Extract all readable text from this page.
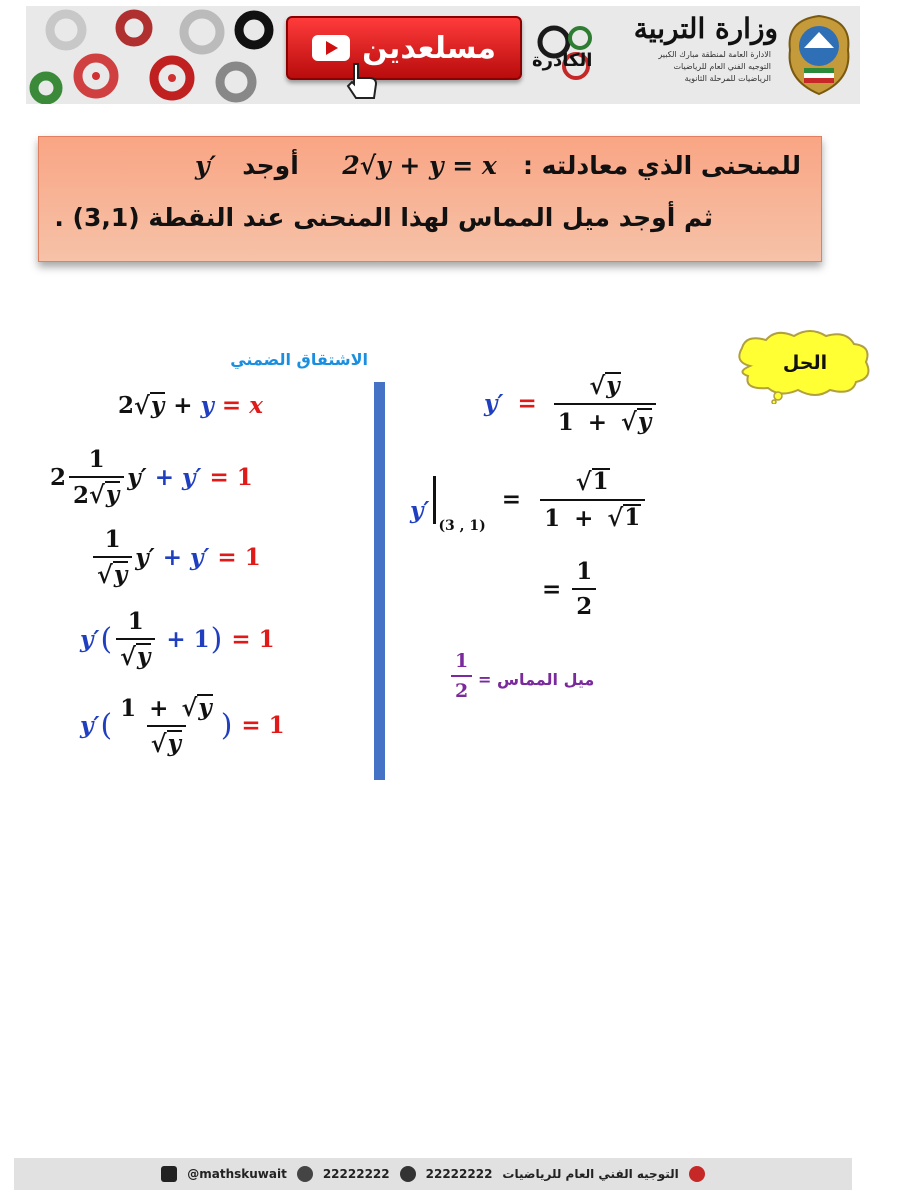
مسلعدين الكادرة
وزارة التربية
الادارة العامة لمنطقة مبارك الكبير
التوجيه الفني العام للرياضيات
الرياضيات للمرحلة الثانوية
للمنحنى الذي معادلته :   2√y + y = x     أوجد   y′
ثم أوجد ميل المماس لهذا المنحنى عند النقطة (3,1) .
الحل
الاشتقاق الضمني
2 √ y + y = x
$2 \frac{1}{2 √ y} y' + y' = 1$
$\frac{1}{√ y} y' + y' = 1$
y′ ( $\frac{1}{√ y} + 1$ ) = 1
y′ ( $\frac{1 + √ y}{√ y}$ ) = 1
$y' = \frac{√ y}{1 + √ y}$
y′
(3 , 1)
= $\frac{√ 1}{1 + √ 1}$
= $\frac{1}{2}$
$\frac{1}{2}$ ميل المماس =
@mathskuwait	22222222	22222222 التوجيه الفني العام للرياضيات
